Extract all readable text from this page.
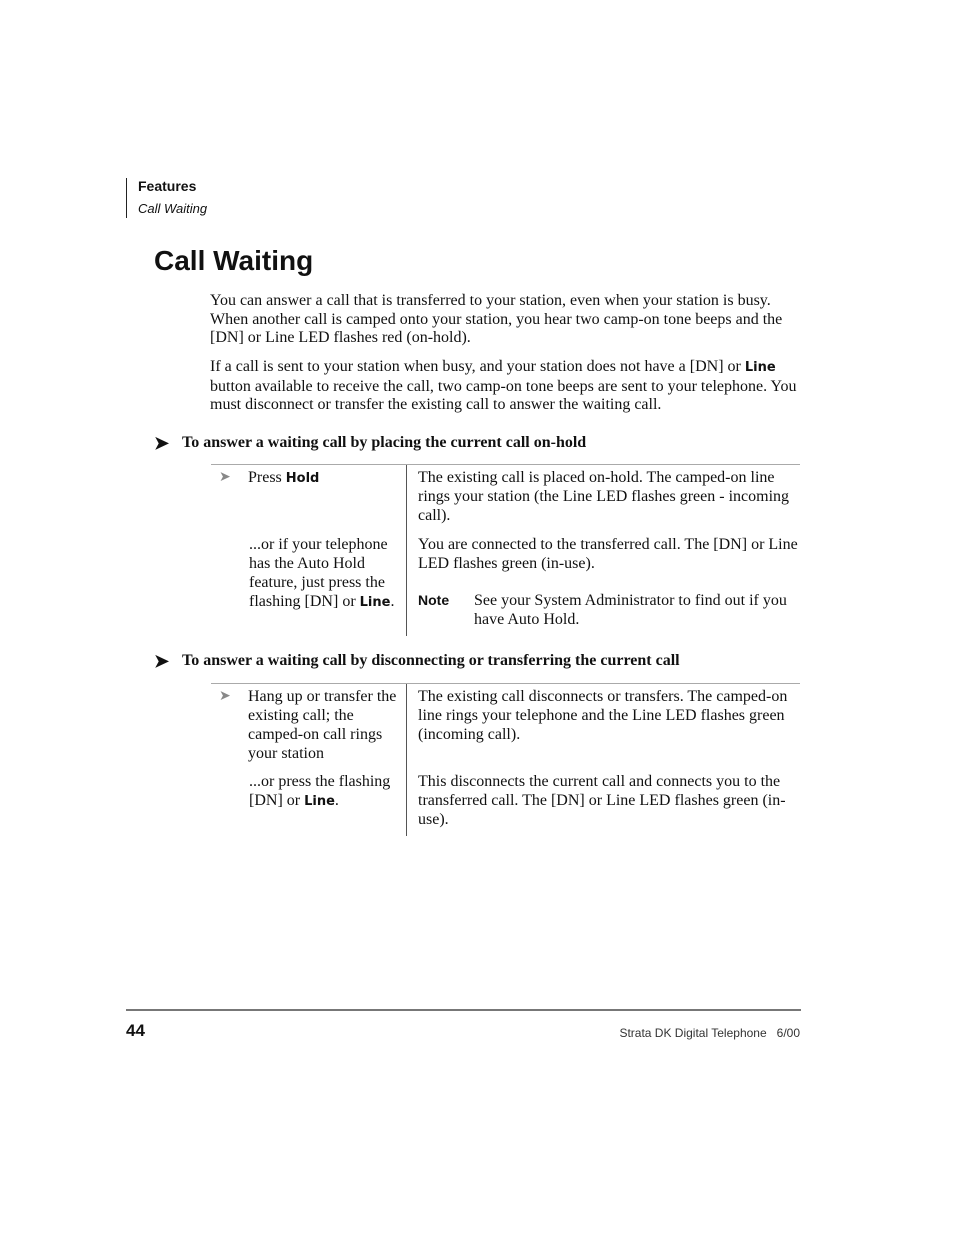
Features
Call Waiting
Call Waiting

You can answer a call that is transferred to your station, even when your station is busy. When another call is camped onto your station, you hear two camp-on tone beeps and the [DN] or Line LED flashes red (on-hold).

If a call is sent to your station when busy, and your station does not have a [DN] or Line button available to receive the call, two camp-on tone beeps are sent to your telephone. You must disconnect or transfer the existing call to answer the waiting call.

➤ To answer a waiting call by placing the current call on-hold
➤ Press Hold	The existing call is placed on-hold. The camped-on line rings your station (the Line LED flashes green - incoming call).
...or if your telephone has the Auto Hold feature, just press the flashing [DN] or Line.
You are connected to the transferred call. The [DN] or Line LED flashes green (in-use).
Note See your System Administrator to find out if you have Auto Hold.
➤ To answer a waiting call by disconnecting or transferring the current call
➤ Hang up or transfer the existing call; the camped-on call rings your station
The existing call disconnects or transfers. The camped-on line rings your telephone and the Line LED flashes green (incoming call).
...or press the flashing [DN] or Line.
This disconnects the current call and connects you to the transferred call. The [DN] or Line LED flashes green (in-use).
44	Strata DK Digital Telephone   6/00
